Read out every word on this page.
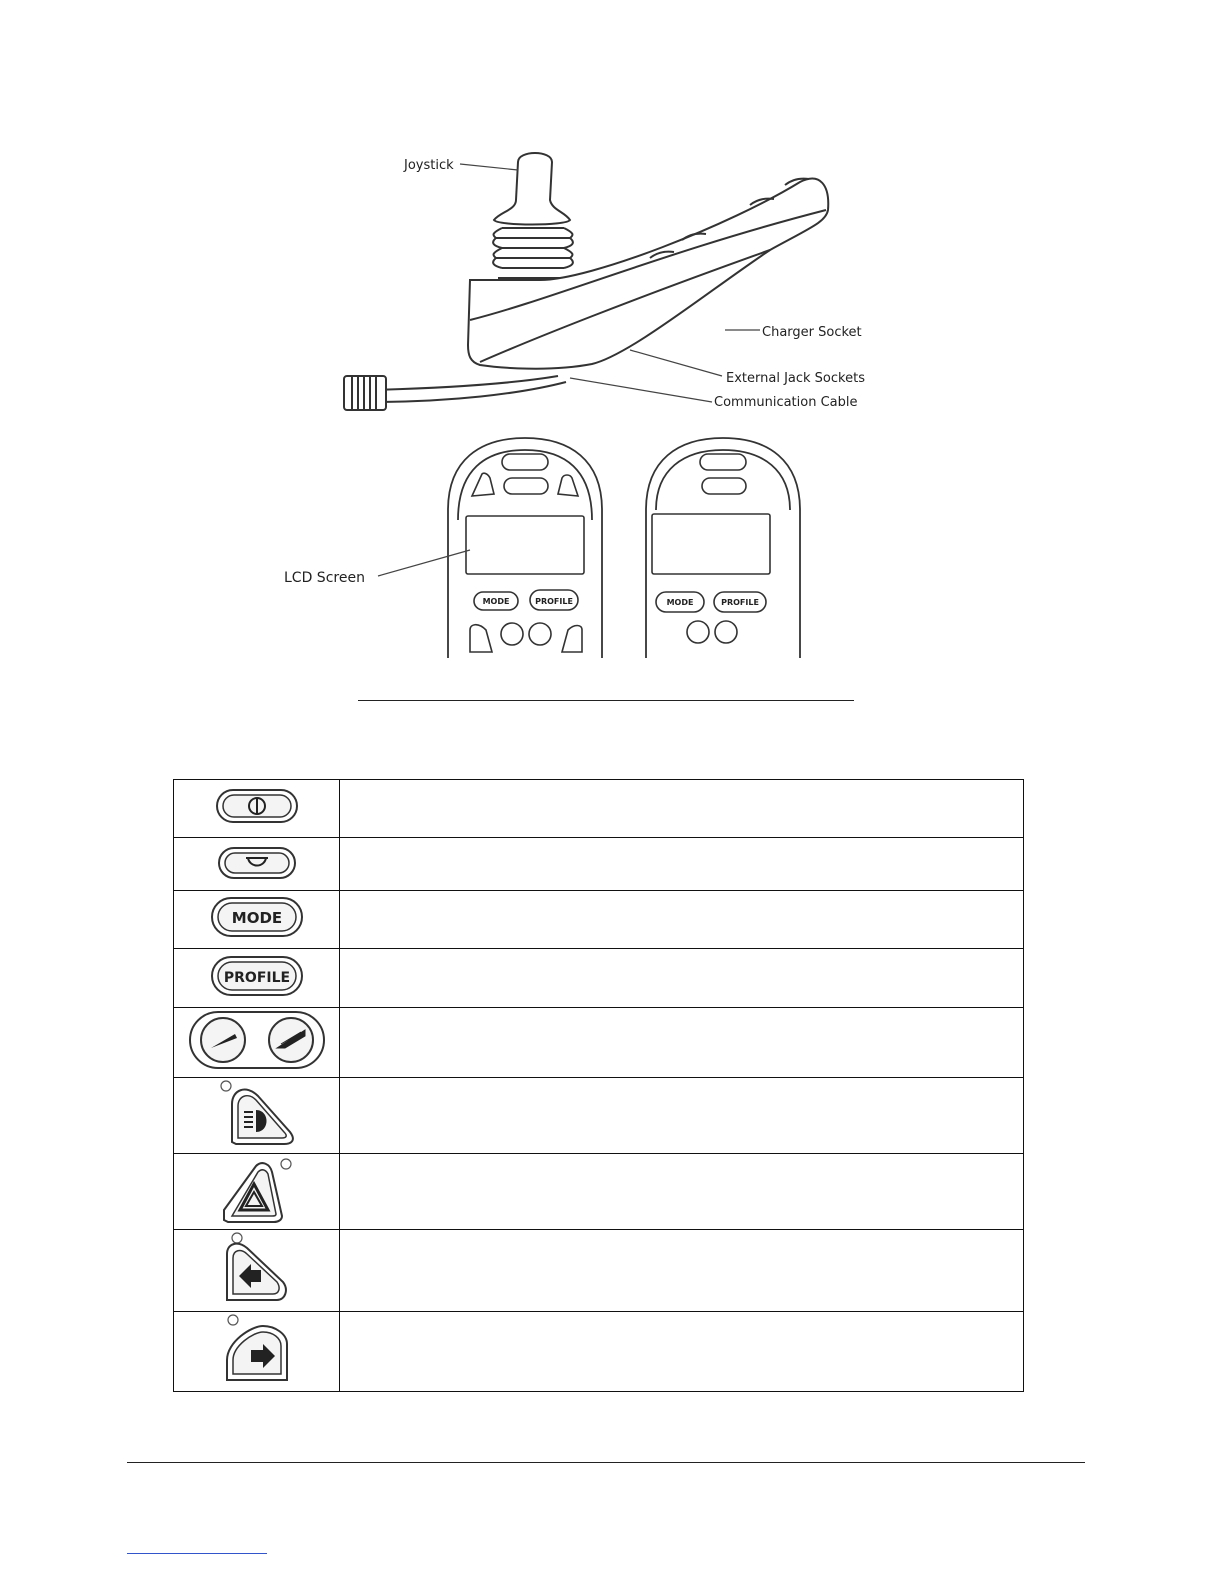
Joystick
Charger Socket
External Jack Sockets
Communication Cable
MODE	PROFILE	MODE	PROFILE
LCD Screen

MODE	

PROFILE	
